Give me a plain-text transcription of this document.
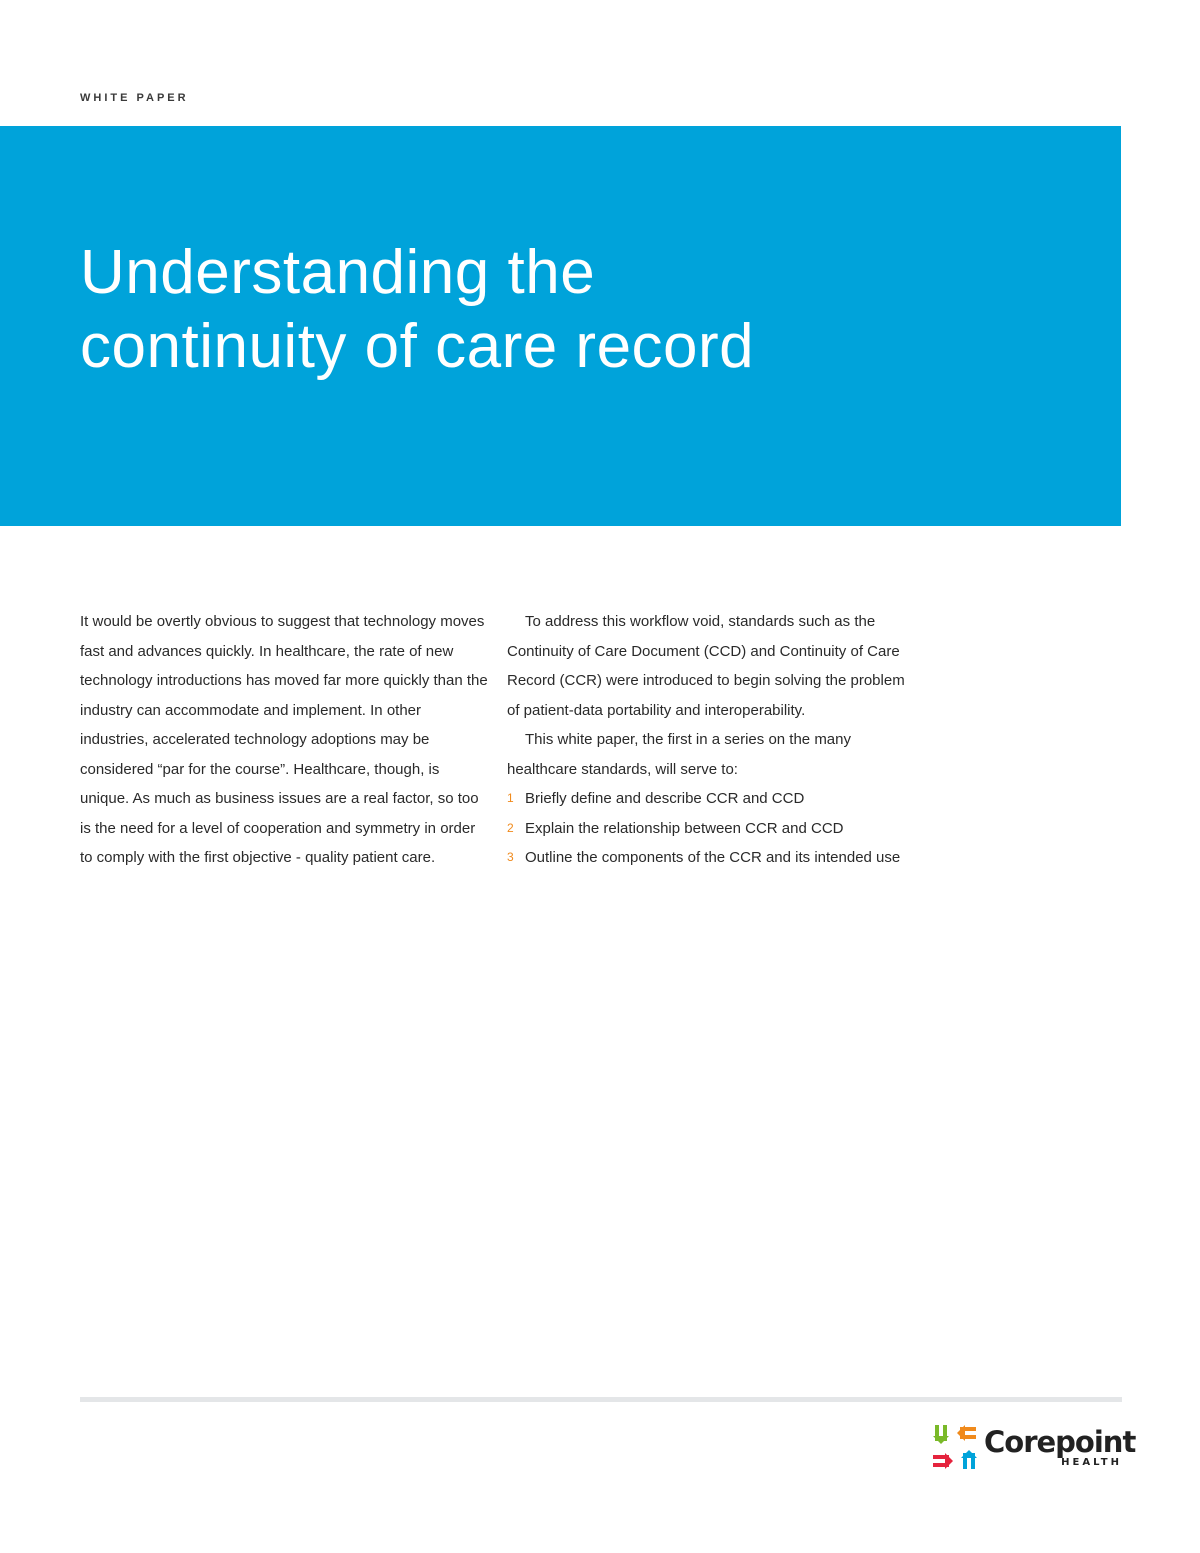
WHITE PAPER
Understanding the
continuity of care record

It would be overtly obvious to suggest that technology moves fast and advances quickly. In healthcare, the rate of new technology introductions has moved far more quickly than the industry can accommodate and implement. In other industries, accelerated technology adoptions may be considered “par for the course”. Healthcare, though, is unique. As much as business issues are a real factor, so too is the need for a level of cooperation and symmetry in order to comply with the first objective - quality patient care.

To address this workflow void, standards such as the Continuity of Care Document (CCD) and Continuity of Care Record (CCR) were introduced to begin solving the problem of patient-data portability and interoperability.

This white paper, the first in a series on the many healthcare standards, will serve to:

1 Briefly define and describe CCR and CCD
2 Explain the relationship between CCR and CCD
3 Outline the components of the CCR and its intended use
Corepoint
HEALTH
